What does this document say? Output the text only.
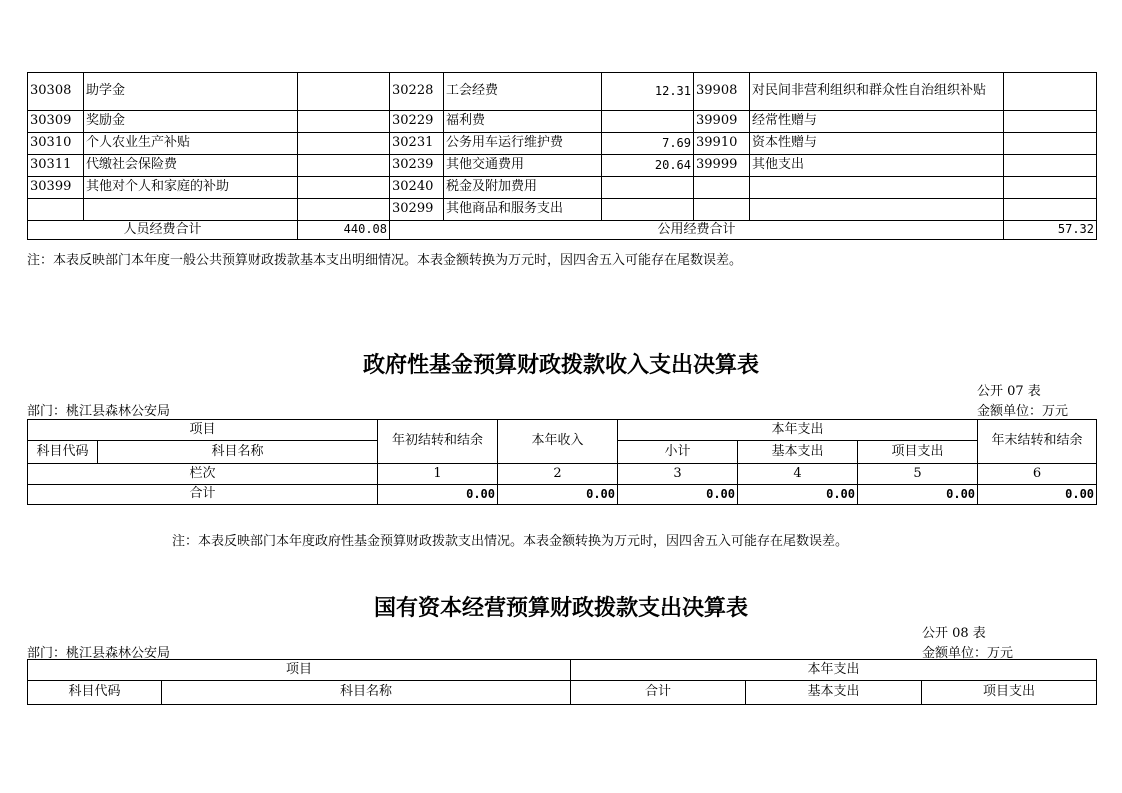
30308	助学金		30228	工会经费	12.31	39908	对民间非营利组织和群众性自治组织补贴	
30309	奖励金		30229	福利费		39909	经常性赠与	
30310	个人农业生产补贴		30231	公务用车运行维护费	7.69	39910	资本性赠与	
30311	代缴社会保险费		30239	其他交通费用	20.64	39999	其他支出	
30399	其他对个人和家庭的补助		30240	税金及附加费用				
			30299	其他商品和服务支出				
人员经费合计		440.08	公用经费合计					57.32
注：本表反映部门本年度一般公共预算财政拨款基本支出明细情况。本表金额转换为万元时，因四舍五入可能存在尾数误差。
政府性基金预算财政拨款收入支出决算表
公开 07 表
部门：桃江县森林公安局	金额单位：万元
项目		年初结转和结余	本年收入	本年支出			年末结转和结余
科目代码	科目名称			小计	基本支出	项目支出	
栏次		1	2	3	4	5	6
合计		0.00	0.00	0.00	0.00	0.00	0.00
注：本表反映部门本年度政府性基金预算财政拨款支出情况。本表金额转换为万元时，因四舍五入可能存在尾数误差。
国有资本经营预算财政拨款支出决算表
公开 08 表
部门：桃江县森林公安局	金额单位：万元
项目		本年支出		
科目代码	科目名称	合计	基本支出	项目支出
